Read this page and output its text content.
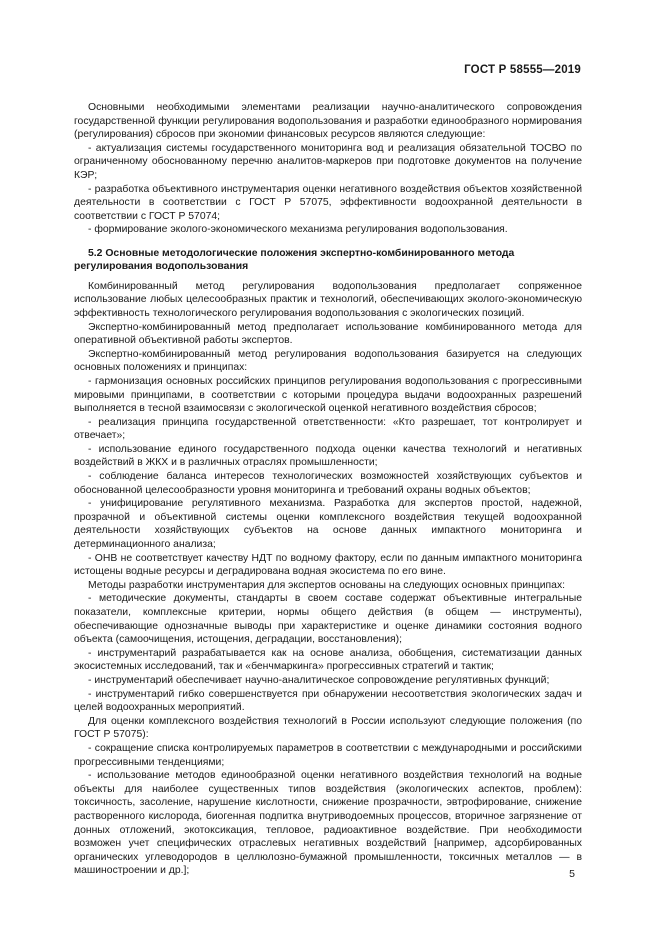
ГОСТ Р 58555—2019

Основными необходимыми элементами реализации научно-аналитического сопровождения государственной функции регулирования водопользования и разработки единообразного нормирования (регулирования) сбросов при экономии финансовых ресурсов являются следующие:

- актуализация системы государственного мониторинга вод и реализация обязательной ТОСВО по ограниченному обоснованному перечню аналитов-маркеров при подготовке документов на получение КЭР;

- разработка объективного инструментария оценки негативного воздействия объектов хозяйственной деятельности в соответствии с ГОСТ Р 57075, эффективности водоохранной деятельности в соответствии с ГОСТ Р 57074;

- формирование эколого-экономического механизма регулирования водопользования.

5.2 Основные методологические положения экспертно-комбинированного метода регулирования водопользования

Комбинированный метод регулирования водопользования предполагает сопряженное использование любых целесообразных практик и технологий, обеспечивающих эколого-экономическую эффективность технологического регулирования водопользования с экологических позиций.

Экспертно-комбинированный метод предполагает использование комбинированного метода для оперативной объективной работы экспертов.

Экспертно-комбинированный метод регулирования водопользования базируется на следующих основных положениях и принципах:

- гармонизация основных российских принципов регулирования водопользования с прогрессивными мировыми принципами, в соответствии с которыми процедура выдачи водоохранных разрешений выполняется в тесной взаимосвязи с экологической оценкой негативного воздействия сбросов;

- реализация принципа государственной ответственности: «Кто разрешает, тот контролирует и отвечает»;

- использование единого государственного подхода оценки качества технологий и негативных воздействий в ЖКХ и в различных отраслях промышленности;

- соблюдение баланса интересов технологических возможностей хозяйствующих субъектов и обоснованной целесообразности уровня мониторинга и требований охраны водных объектов;

- унифицирование регулятивного механизма. Разработка для экспертов простой, надежной, прозрачной и объективной системы оценки комплексного воздействия текущей водоохранной деятельности хозяйствующих субъектов на основе данных импактного мониторинга и детерминационного анализа;

- ОНВ не соответствует качеству НДТ по водному фактору, если по данным импактного мониторинга истощены водные ресурсы и деградирована водная экосистема по его вине.

Методы разработки инструментария для экспертов основаны на следующих основных принципах:

- методические документы, стандарты в своем составе содержат объективные интегральные показатели, комплексные критерии, нормы общего действия (в общем — инструменты), обеспечивающие однозначные выводы при характеристике и оценке динамики состояния водного объекта (самоочищения, истощения, деградации, восстановления);

- инструментарий разрабатывается как на основе анализа, обобщения, систематизации данных экосистемных исследований, так и «бенчмаркинга» прогрессивных стратегий и тактик;

- инструментарий обеспечивает научно-аналитическое сопровождение регулятивных функций;

- инструментарий гибко совершенствуется при обнаружении несоответствия экологических задач и целей водоохранных мероприятий.

Для оценки комплексного воздействия технологий в России используют следующие положения (по ГОСТ Р 57075):

- сокращение списка контролируемых параметров в соответствии с международными и российскими прогрессивными тенденциями;

- использование методов единообразной оценки негативного воздействия технологий на водные объекты для наиболее существенных типов воздействия (экологических аспектов, проблем): токсичность, засоление, нарушение кислотности, снижение прозрачности, эвтрофирование, снижение растворенного кислорода, биогенная подпитка внутриводоемных процессов, вторичное загрязнение от донных отложений, экотоксикация, тепловое, радиоактивное воздействие. При необходимости возможен учет специфических отраслевых негативных воздействий [например, адсорбированных органических углеводородов в целлюлозно-бумажной промышленности, токсичных металлов — в машиностроении и др.];	5
